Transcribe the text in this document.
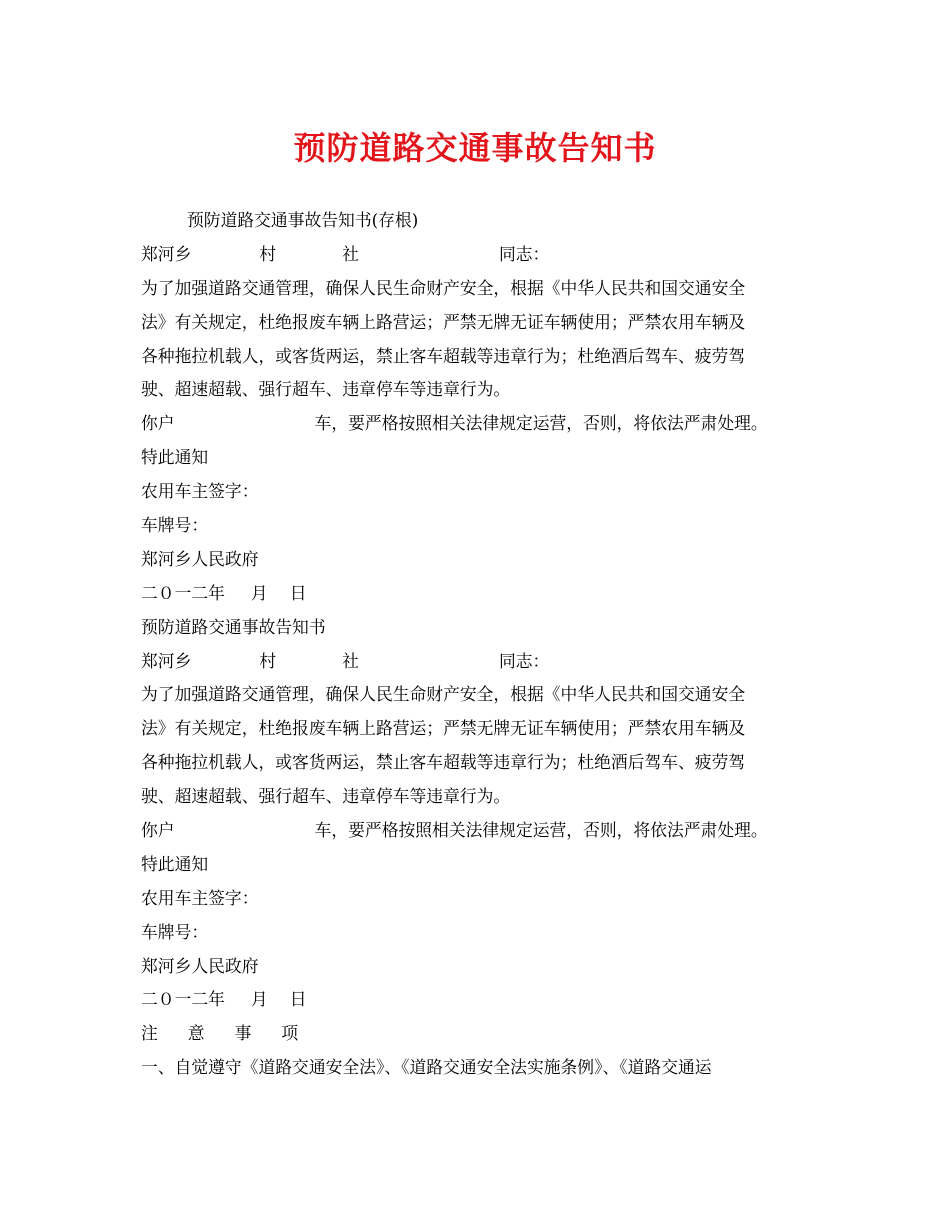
预防道路交通事故告知书
预防道路交通事故告知书(存根)
郑河乡	村	社	同志：
为了加强道路交通管理，确保人民生命财产安全，根据《中华人民共和国交通安全
法》有关规定，杜绝报废车辆上路营运；严禁无牌无证车辆使用；严禁农用车辆及
各种拖拉机载人，或客货两运，禁止客车超载等违章行为；杜绝酒后驾车、疲劳驾
驶、超速超载、强行超车、违章停车等违章行为。
你户	车，要严格按照相关法律规定运营，否则，将依法严肃处理。
特此通知
农用车主签字：
车牌号：
郑河乡人民政府
二０一二年 月 日
预防道路交通事故告知书
郑河乡	村	社	同志：
为了加强道路交通管理，确保人民生命财产安全，根据《中华人民共和国交通安全
法》有关规定，杜绝报废车辆上路营运；严禁无牌无证车辆使用；严禁农用车辆及
各种拖拉机载人，或客货两运，禁止客车超载等违章行为；杜绝酒后驾车、疲劳驾
驶、超速超载、强行超车、违章停车等违章行为。
你户	车，要严格按照相关法律规定运营，否则，将依法严肃处理。
特此通知
农用车主签字：
车牌号：
郑河乡人民政府
二０一二年 月 日
注 意 事 项
一、自觉遵守《道路交通安全法》、《道路交通安全法实施条例》、《道路交通运
